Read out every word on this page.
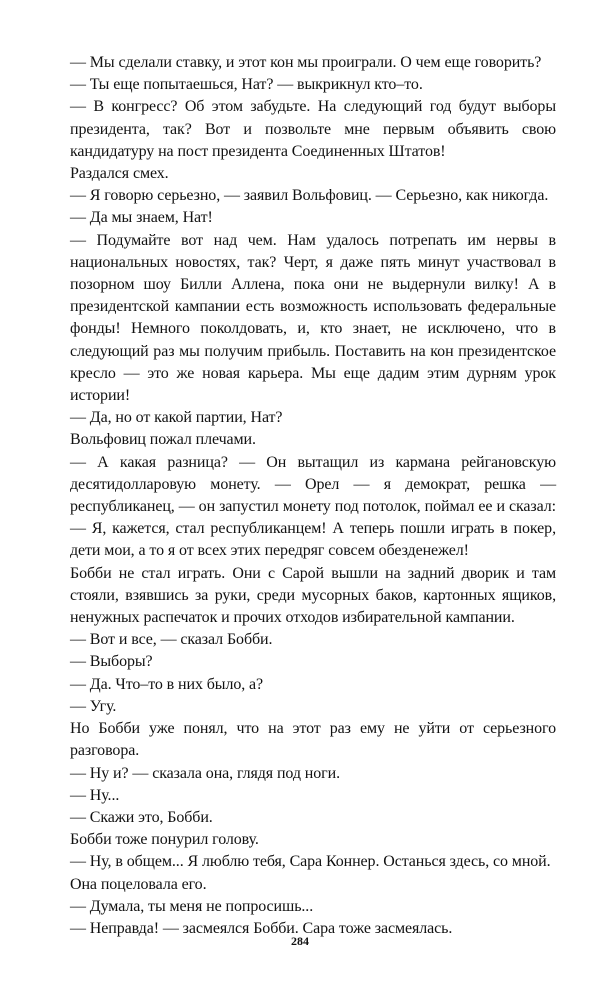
— Мы сделали ставку, и этот кон мы проиграли. О чем еще говорить?

— Ты еще попытаешься, Нат? — выкрикнул кто–то.

— В конгресс? Об этом забудьте. На следующий год будут выборы президента, так? Вот и позвольте мне первым объявить свою кандидатуру на пост президента Соединенных Штатов!

Раздался смех.

— Я говорю серьезно, — заявил Вольфовиц. — Серьезно, как никогда.

— Да мы знаем, Нат!

— Подумайте вот над чем. Нам удалось потрепать им нервы в национальных новостях, так? Черт, я даже пять минут участвовал в позорном шоу Билли Аллена, пока они не выдернули вилку! А в президентской кампании есть возможность использовать федеральные фонды! Немного поколдовать, и, кто знает, не исключено, что в следующий раз мы получим прибыль. Поставить на кон президентское кресло — это же новая карьера. Мы еще дадим этим дурням урок истории!

— Да, но от какой партии, Нат?

Вольфовиц пожал плечами.

— А какая разница? — Он вытащил из кармана рейгановскую десятидолларовую монету. — Орел — я демократ, решка — республиканец, — он запустил монету под потолок, поймал ее и сказал: — Я, кажется, стал республиканцем! А теперь пошли играть в покер, дети мои, а то я от всех этих передряг совсем обезденежел!

Бобби не стал играть. Они с Сарой вышли на задний дворик и там стояли, взявшись за руки, среди мусорных баков, картонных ящиков, ненужных распечаток и прочих отходов избирательной кампании.

— Вот и все, — сказал Бобби.

— Выборы?

— Да. Что–то в них было, а?

— Угу.

Но Бобби уже понял, что на этот раз ему не уйти от серьезного разговора.

— Ну и? — сказала она, глядя под ноги.

— Ну...

— Скажи это, Бобби.

Бобби тоже понурил голову.

— Ну, в общем... Я люблю тебя, Сара Коннер. Останься здесь, со мной.

Она поцеловала его.

— Думала, ты меня не попросишь...

— Неправда! — засмеялся Бобби. Сара тоже засмеялась.

284
